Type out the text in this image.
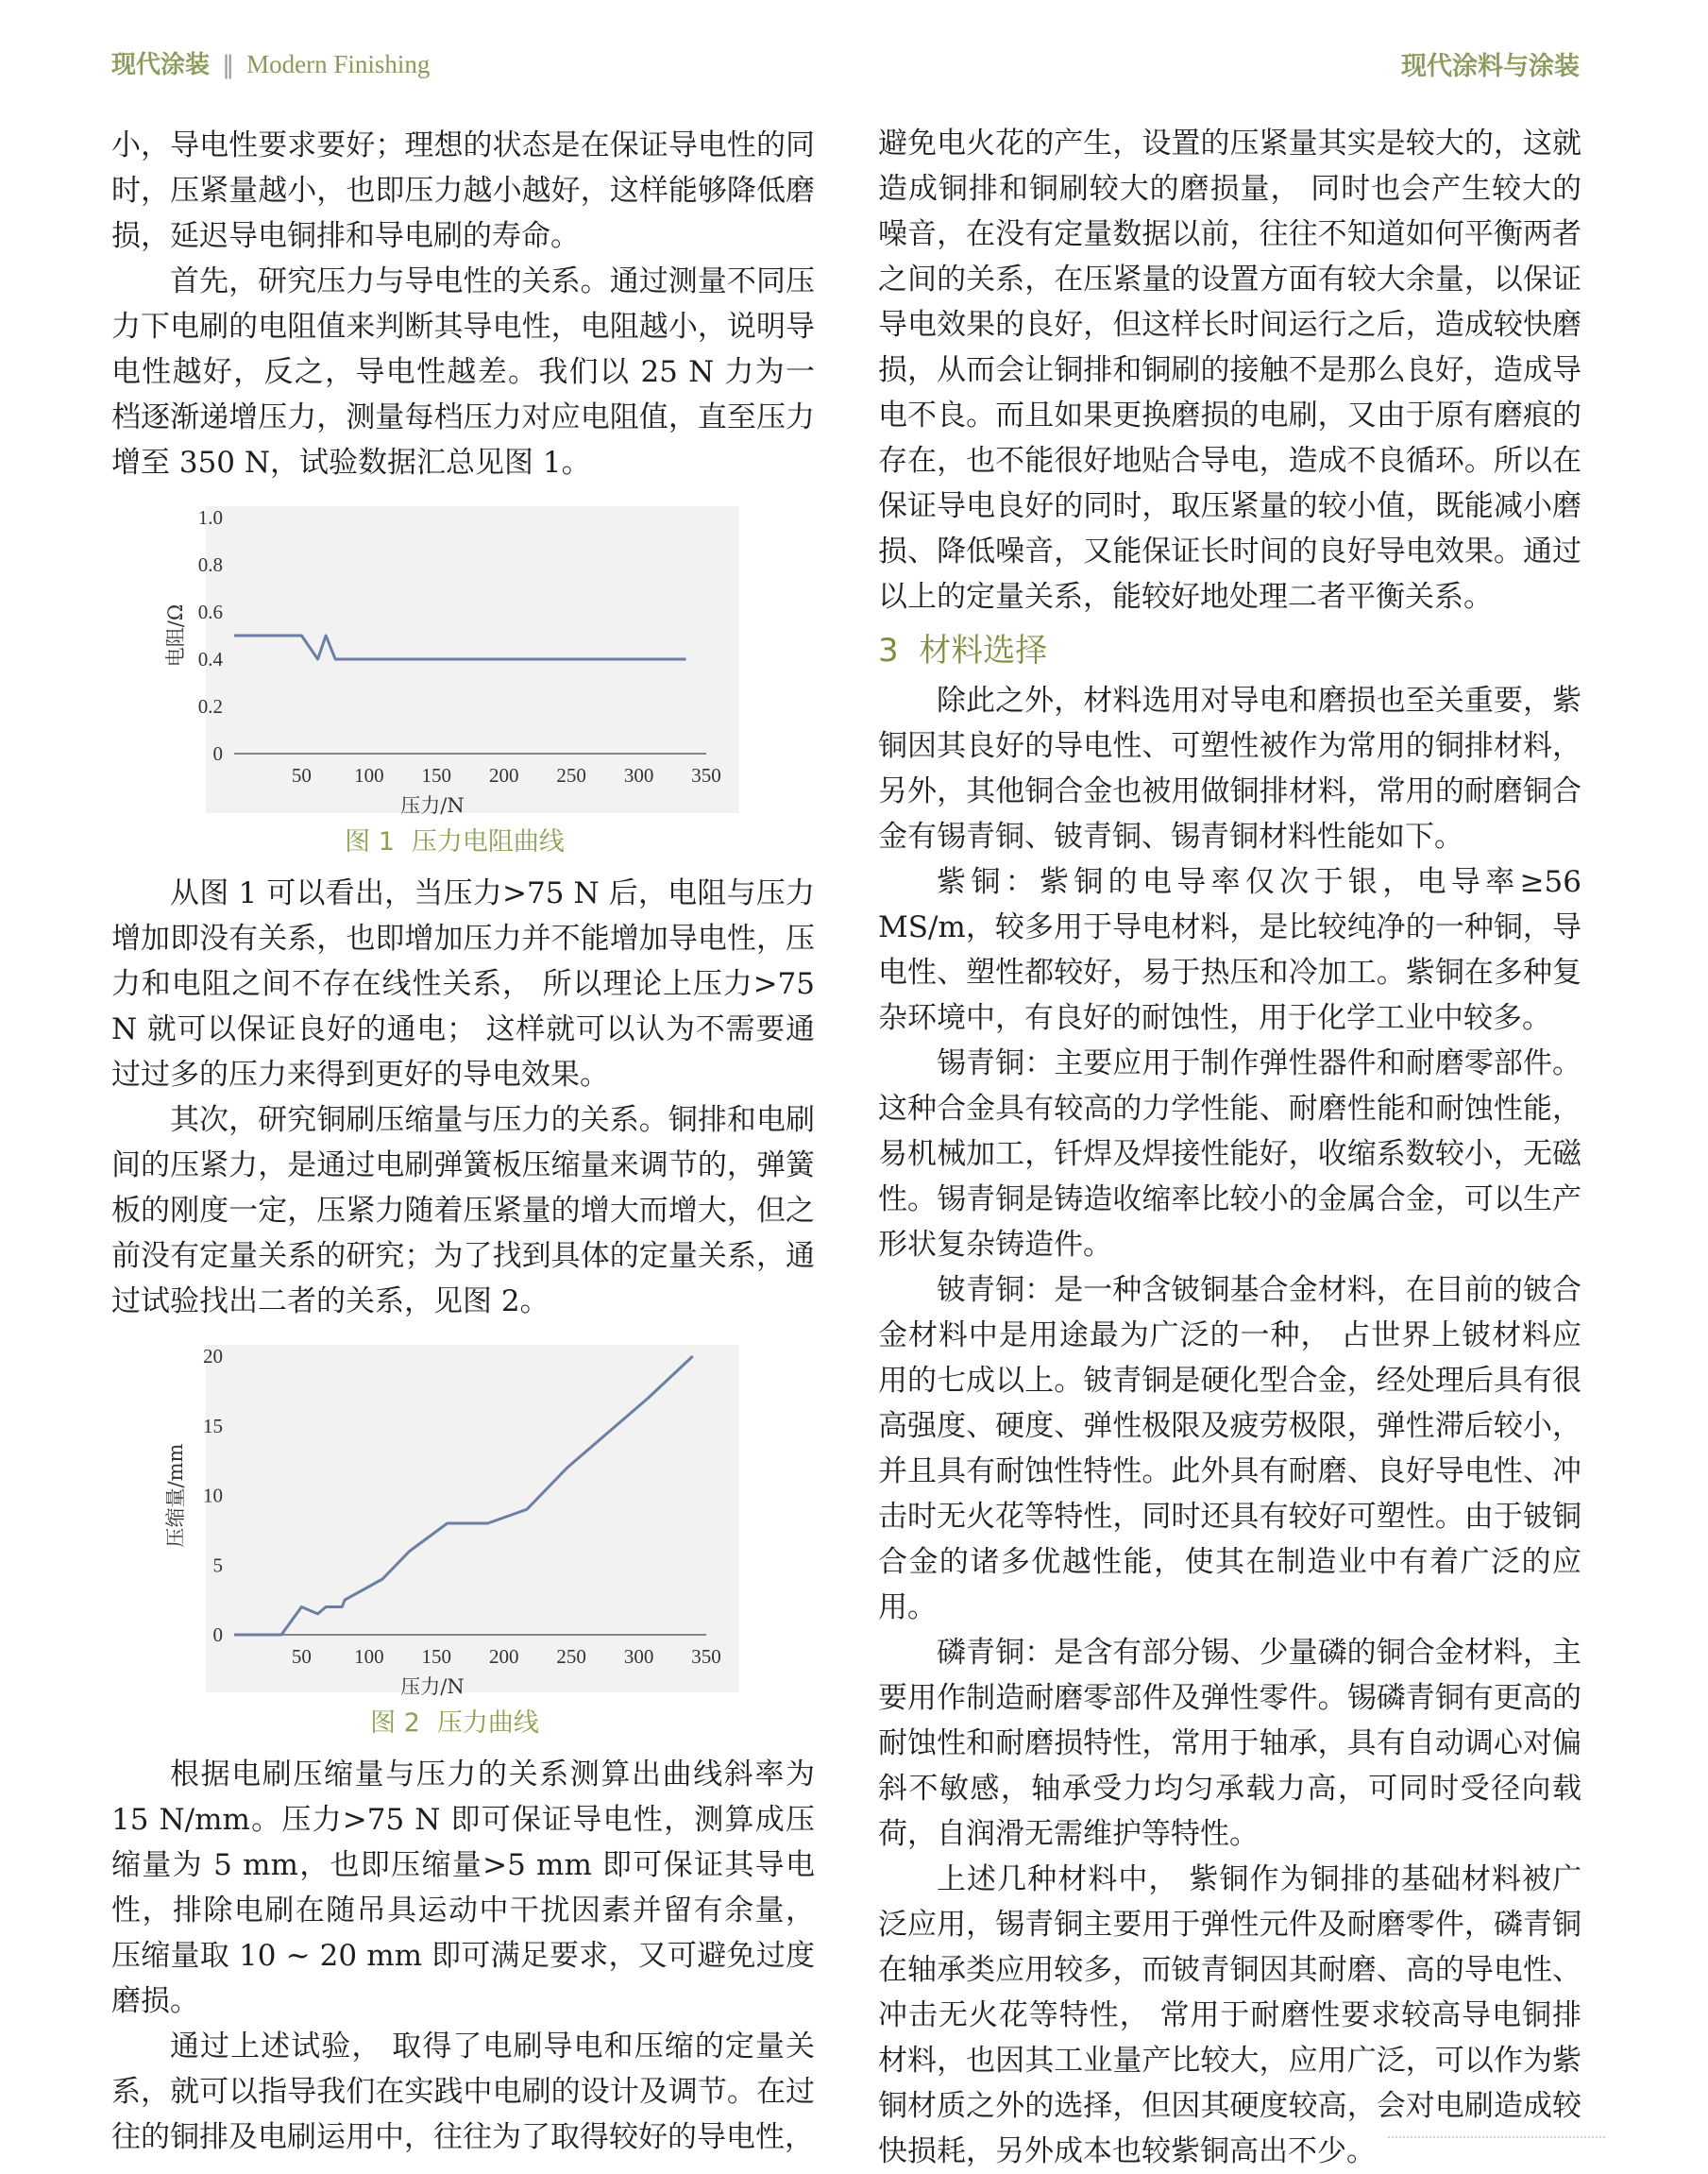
现代涂装 ‖ Modern Finishing	现代涂料与涂装

小，导电性要求要好；理想的状态是在保证导电性的同时，压紧量越小，也即压力越小越好，这样能够降低磨损，延迟导电铜排和导电刷的寿命。

首先，研究压力与导电性的关系。通过测量不同压力下电刷的电阻值来判断其导电性，电阻越小，说明导电性越好，反之，导电性越差。我们以 25 N 力为一档逐渐递增压力，测量每档压力对应电阻值，直至压力增至 350 N，试验数据汇总见图 1。

0
0.2
0.4
0.6
0.8
1.0
50 100 150 200 250 300 350
压力/N
电阻/Ω
图 1 压力电阻曲线

从图 1 可以看出，当压力>75 N 后，电阻与压力增加即没有关系，也即增加压力并不能增加导电性，压力和电阻之间不存在线性关系， 所以理论上压力>75 N 就可以保证良好的通电； 这样就可以认为不需要通过过多的压力来得到更好的导电效果。

其次，研究铜刷压缩量与压力的关系。铜排和电刷间的压紧力，是通过电刷弹簧板压缩量来调节的，弹簧板的刚度一定，压紧力随着压紧量的增大而增大，但之前没有定量关系的研究；为了找到具体的定量关系，通过试验找出二者的关系，见图 2。

0
5
10
15
20
50 100 150 200 250 300 350
压力/N
压缩量/mm
图 2 压力曲线

根据电刷压缩量与压力的关系测算出曲线斜率为 15 N/mm。压力>75 N 即可保证导电性，测算成压缩量为 5 mm，也即压缩量>5 mm 即可保证其导电性，排除电刷在随吊具运动中干扰因素并留有余量， 压缩量取 10 ~ 20 mm 即可满足要求，又可避免过度磨损。

通过上述试验， 取得了电刷导电和压缩的定量关系，就可以指导我们在实践中电刷的设计及调节。在过往的铜排及电刷运用中，往往为了取得较好的导电性，

避免电火花的产生，设置的压紧量其实是较大的，这就造成铜排和铜刷较大的磨损量， 同时也会产生较大的噪音，在没有定量数据以前，往往不知道如何平衡两者之间的关系，在压紧量的设置方面有较大余量，以保证导电效果的良好，但这样长时间运行之后，造成较快磨损，从而会让铜排和铜刷的接触不是那么良好，造成导电不良。而且如果更换磨损的电刷，又由于原有磨痕的存在，也不能很好地贴合导电，造成不良循环。所以在保证导电良好的同时，取压紧量的较小值，既能减小磨损、降低噪音，又能保证长时间的良好导电效果。通过以上的定量关系，能较好地处理二者平衡关系。

3 材料选择

除此之外，材料选用对导电和磨损也至关重要，紫铜因其良好的导电性、可塑性被作为常用的铜排材料，另外，其他铜合金也被用做铜排材料，常用的耐磨铜合金有锡青铜、铍青铜、锡青铜材料性能如下。

紫铜：紫铜的电导率仅次于银，电导率≥56 MS/m，较多用于导电材料，是比较纯净的一种铜，导电性、塑性都较好，易于热压和冷加工。紫铜在多种复杂环境中，有良好的耐蚀性，用于化学工业中较多。

锡青铜：主要应用于制作弹性器件和耐磨零部件。这种合金具有较高的力学性能、耐磨性能和耐蚀性能，易机械加工，钎焊及焊接性能好，收缩系数较小，无磁性。锡青铜是铸造收缩率比较小的金属合金，可以生产形状复杂铸造件。

铍青铜：是一种含铍铜基合金材料，在目前的铍合金材料中是用途最为广泛的一种， 占世界上铍材料应用的七成以上。铍青铜是硬化型合金，经处理后具有很高强度、硬度、弹性极限及疲劳极限，弹性滞后较小，并且具有耐蚀性特性。此外具有耐磨、良好导电性、冲击时无火花等特性，同时还具有较好可塑性。由于铍铜合金的诸多优越性能，使其在制造业中有着广泛的应用。

磷青铜：是含有部分锡、少量磷的铜合金材料，主要用作制造耐磨零部件及弹性零件。锡磷青铜有更高的耐蚀性和耐磨损特性，常用于轴承，具有自动调心对偏斜不敏感，轴承受力均匀承载力高，可同时受径向载荷，自润滑无需维护等特性。

上述几种材料中， 紫铜作为铜排的基础材料被广泛应用，锡青铜主要用于弹性元件及耐磨零件，磷青铜在轴承类应用较多，而铍青铜因其耐磨、高的导电性、冲击无火花等特性， 常用于耐磨性要求较高导电铜排材料，也因其工业量产比较大，应用广泛，可以作为紫铜材质之外的选择，但因其硬度较高，会对电刷造成较快损耗，另外成本也较紫铜高出不少。
